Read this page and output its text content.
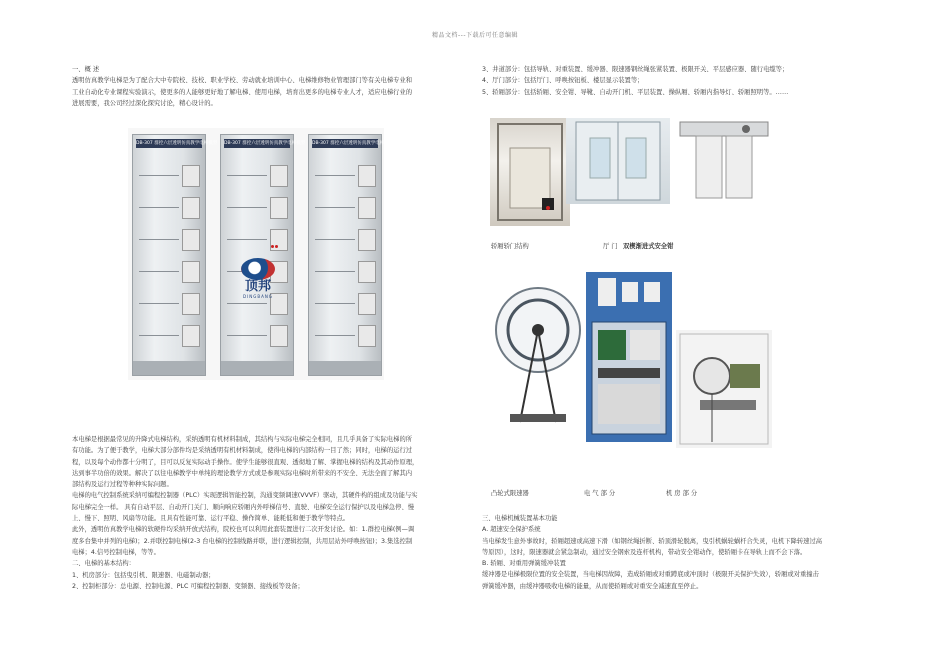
精品文档---下载后可任意编辑

一、概 述

透明仿真教学电梯是为了配合大中专院校、技校、职业学校、劳动就业培训中心、电梯维修物业管理部门等有关电梯专业和

工业自动化专业课程实验演示，使更多的人能够更好地了解电梯、使用电梯，培育出更多的电梯专业人才，适应电梯行业的

进展需要，我公司经过深化探究讨论，精心设计的。

DB-307 群控六层透明仿真教学电梯模型 DB-307 群控六层透明仿真教学电梯模型 DB-307 群控六层透明仿真教学电梯模型
顶邦
DINGBANG

本电梯是根据最常见的升降式电梯结构，采纳透明有机材料制成，其结构与实际电梯完全相同，且几乎具备了实际电梯的所

有功能。为了便于教学，电梯大部分部件均是采纳透明有机材料制成，使得电梯的内部结构一目了然；同时，电梯的运行过

程，以及每个动作都十分明了，目可以反复实际动手操作。使学生能够很直观、透彻地了解、掌握电梯的结构及其动作原理，

达到事半功倍的效果。解决了以往电梯教学中单纯的理论教学方式或是参观实际电梯时所带来的不安全、无法全面了解其内

部结构及运行过程等种种实际问题。

电梯的电气控制系统采纳可编程控制器（PLC）实现逻辑智能控制，沟通变频调速(VVVF）驱动，其硬件构的组成及功能与实

际电梯完全一样。 具有自动平层、自动开门关门、顺向响应轿厢内外呼梯信号、直驶、电梯安全运行保护以及电梯急停、慢

上、慢下、照明、风扇等功能。且具有性能可靠、运行平稳、操作简单、能耗低和便于教学等特点。

此外，透明仿真教学电梯的软硬件均采纳开放式结构，院校也可以利用此套装置进行二次开发讨论。如：1.群控电梯(例—调

度多台集中并列的电梯)；2.并联控制电梯(2-3 台电梯的控制线路并联，进行逻辑控制，共用层站外呼唤按钮)；3.集选控制

电梯；4.信号控制电梯，等等。

二、电梯的基本结构：

1、机房部分：包括曳引机、限速器、电磁制动器；

2、控制柜部分：总电源、控制电源、PLC 可编程控制器、变频器、接线板等设备；

3、井道部分：包括导轨、对重装置、缓冲器、限速器钢丝绳张紧装置、极限开关、平层感应器、随行电缆等；

4、厅门部分：包括厅门、呼唤按钮板、楼层显示装置等；

5、轿厢部分：包括轿厢、安全钳、导靴、自动开门机、平层装置、操纵厢、轿厢内指导灯、轿厢照明等。……

轿厢轿门结构	厅 门 双楔渐进式安全钳
凸轮式限速器	电 气 部 分	机 房 部 分

三、电梯机械装置基本功能

A. 超速安全保护系统

当电梯发生意外事故时，轿厢超速或高速下滑（如钢丝绳折断、轿顶滑轮脱离，曳引机蜗轮蜗杆合失灵，电机下降转速过高

等原因），这时，限速器就会紧急制动，通过安全钢索及连杆机构，带动安全钳动作，使轿厢卡在导轨上而不会下落。

B. 轿厢、对重用弹簧缓冲装置

缓冲器是电梯极限位置的安全装置，当电梯因故障，造成轿厢或对重蹲底或冲顶时（极限开关保护失效），轿厢或对重撞击

弹簧缓冲器，由缓冲器吸收电梯的能量，从而使轿厢或对重安全减速直至停止。
